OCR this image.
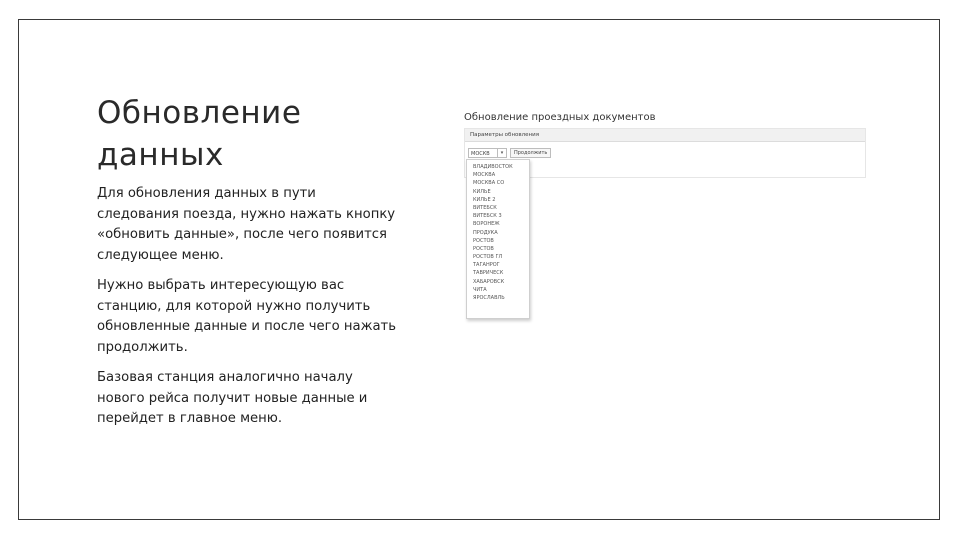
Обновление данных

Для обновления данных в пути следования поезда, нужно нажать кнопку «обновить данные», после чего появится следующее меню.

Нужно выбрать интересующую вас станцию, для которой нужно получить обновленные данные и после чего нажать продолжить.

Базовая станция аналогично началу нового рейса получит новые данные и перейдет в главное меню.

Обновление проездных документов
Параметры обновления
МОСКВ	▾	Продолжить
ВЛАДИВОСТОК
МОСКВА
МОСКВА СО
КИЛЬЕ
КИЛЬЕ 2
ВИТЕБСК
ВИТЕБСК 3
ВОРОНЕЖ
ПРОДУКА
РОСТОВ
РОСТОВ
РОСТОВ ГЛ
ТАГАНРОГ
ТАВРИЧЕСК
ХАБАРОВСК
ЧИТА
ЯРОСЛАВЛЬ
